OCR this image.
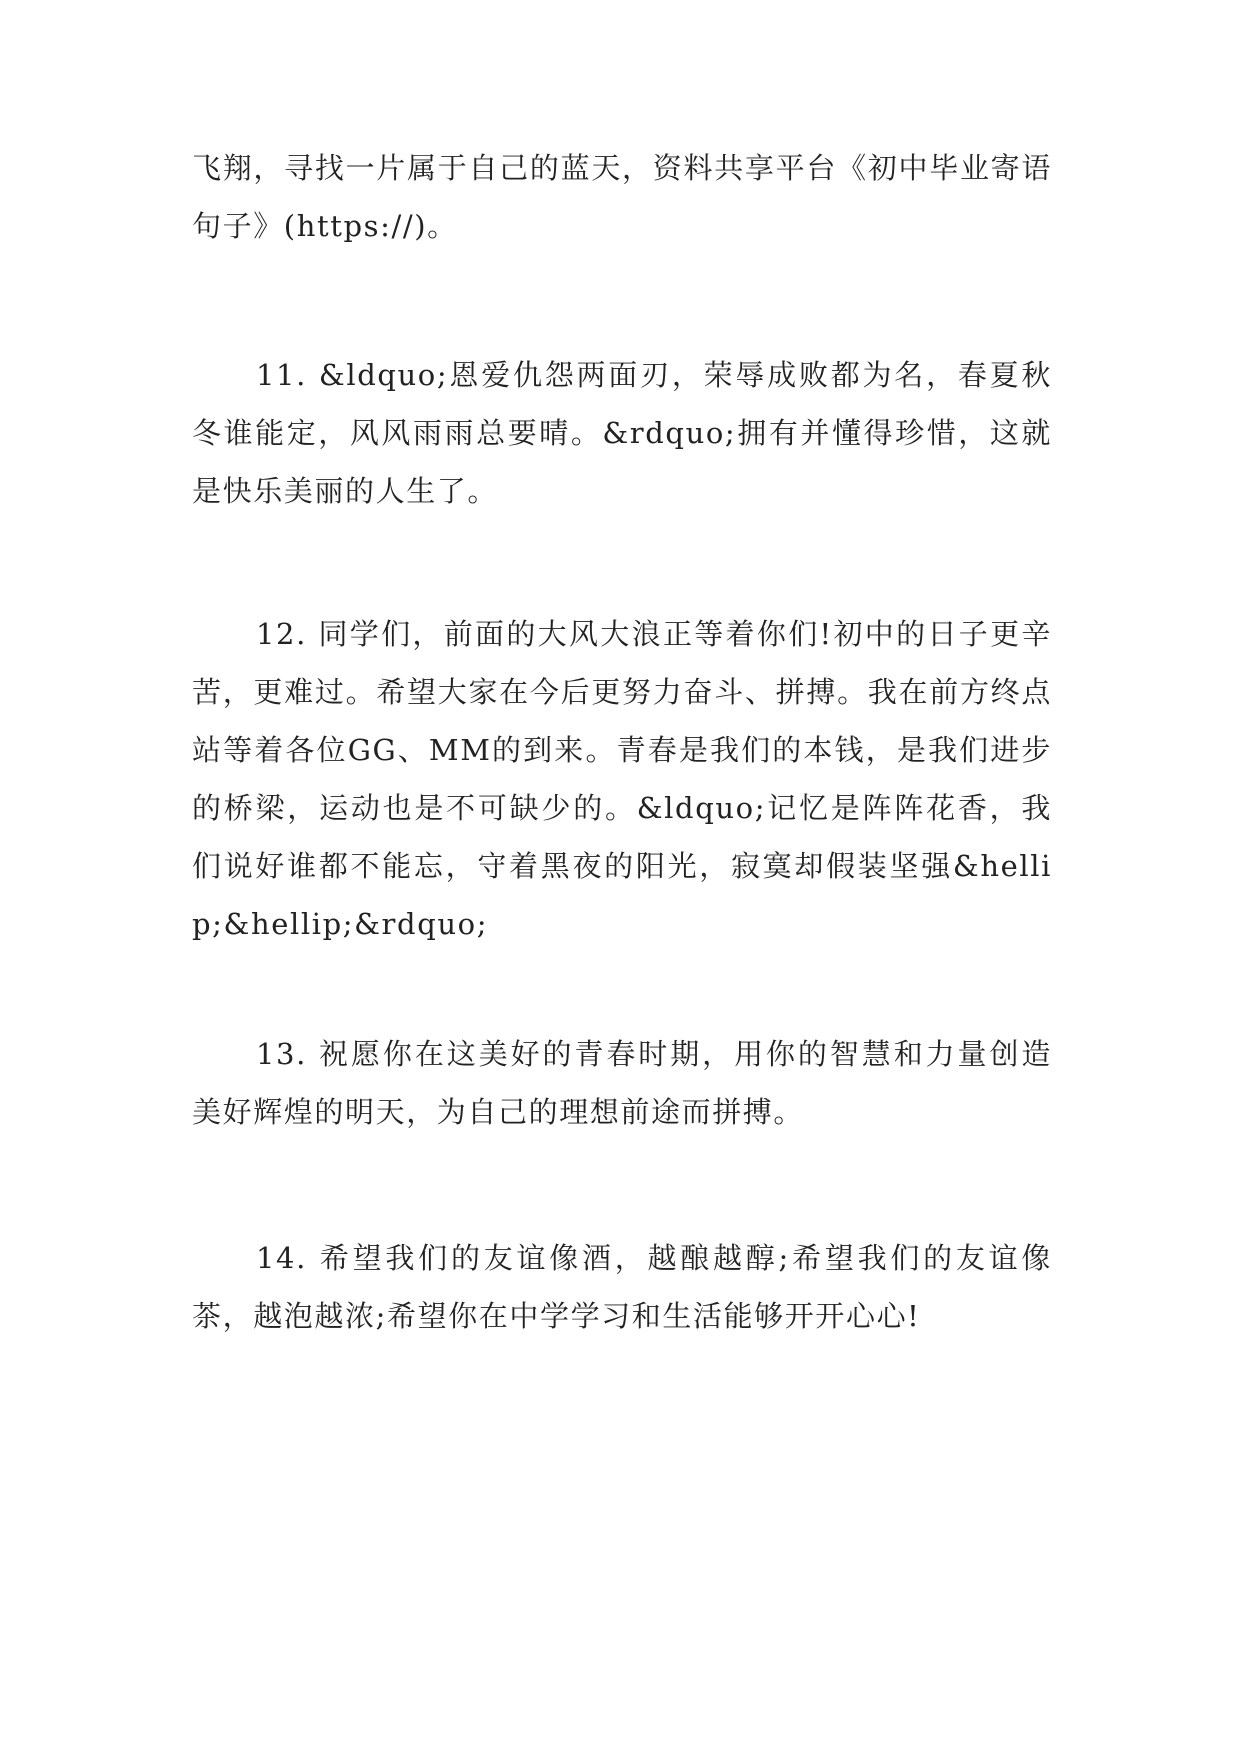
飞翔，寻找一片属于自己的蓝天，资料共享平台《初中毕业寄语句子》(https://)。

11. &ldquo;恩爱仇怨两面刃，荣辱成败都为名，春夏秋冬谁能定，风风雨雨总要晴。&rdquo;拥有并懂得珍惜，这就是快乐美丽的人生了。

12. 同学们，前面的大风大浪正等着你们!初中的日子更辛苦，更难过。希望大家在今后更努力奋斗、拼搏。我在前方终点站等着各位GG、MM的到来。青春是我们的本钱，是我们进步的桥梁，运动也是不可缺少的。&ldquo;记忆是阵阵花香，我们说好谁都不能忘，守着黑夜的阳光，寂寞却假装坚强&hellip;&hellip;&rdquo;

13. 祝愿你在这美好的青春时期，用你的智慧和力量创造美好辉煌的明天，为自己的理想前途而拼搏。

14. 希望我们的友谊像酒，越酿越醇;希望我们的友谊像茶，越泡越浓;希望你在中学学习和生活能够开开心心!
